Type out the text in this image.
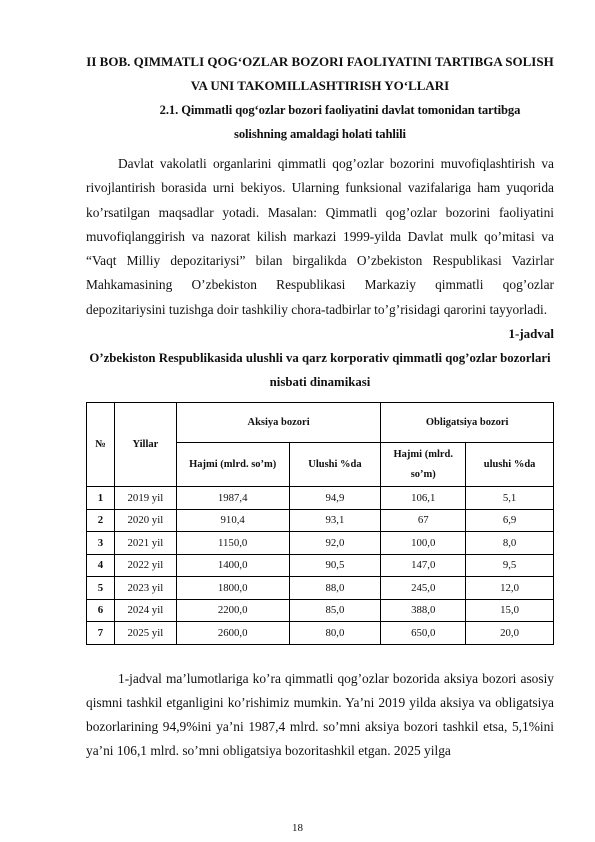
II BOB. QIMMATLI QOG‘OZLAR BOZORI FAOLIYATINI TARTIBGA SOLISH VA UNI TAKOMILLASHTIRISH YO‘LLARI

2.1. Qimmatli qog‘ozlar bozori faoliyatini davlat tomonidan tartibga

solishning amaldagi holati tahlili

Davlat vakolatli organlarini qimmatli qog’ozlar bozorini muvofiqlashtirish va rivojlantirish borasida urni bekiyos. Ularning funksional vazifalariga ham yuqorida ko’rsatilgan maqsadlar yotadi. Masalan: Qimmatli qog’ozlar bozorini faoliyatini muvofiqlanggirish va nazorat kilish markazi 1999-yilda Davlat mulk qo’mitasi va “Vaqt Milliy depozitariysi” bilan birgalikda O’zbekiston Respublikasi Vazirlar Mahkamasining O’zbekiston Respublikasi Markaziy qimmatli qog’ozlar depozitariysini tuzishga doir tashkiliy chora-tadbirlar to’g’risidagi qarorini tayyorladi.

1-jadval

O’zbekiston Respublikasida ulushli va qarz korporativ qimmatli qog’ozlar bozorlari nisbati dinamikasi

№	Yillar	Aksiya bozori		Obligatsiya bozori	
		Hajmi (mlrd. so’m)	Ulushi %da	Hajmi (mlrd. so’m)	ulushi %da
1	2019 yil	1987,4	94,9	106,1	5,1
2	2020 yil	910,4	93,1	67	6,9
3	2021 yil	1150,0	92,0	100,0	8,0
4	2022 yil	1400,0	90,5	147,0	9,5
5	2023 yil	1800,0	88,0	245,0	12,0
6	2024 yil	2200,0	85,0	388,0	15,0
7	2025 yil	2600,0	80,0	650,0	20,0

1-jadval ma’lumotlariga ko’ra qimmatli qog’ozlar bozorida aksiya bozori asosiy qismni tashkil etganligini ko’rishimiz mumkin. Ya’ni 2019 yilda aksiya va obligatsiya bozorlarining 94,9%ini ya’ni 1987,4 mlrd. so’mni aksiya bozori tashkil etsa, 5,1%ini ya’ni 106,1 mlrd. so’mni obligatsiya bozoritashkil etgan. 2025 yilga

18
